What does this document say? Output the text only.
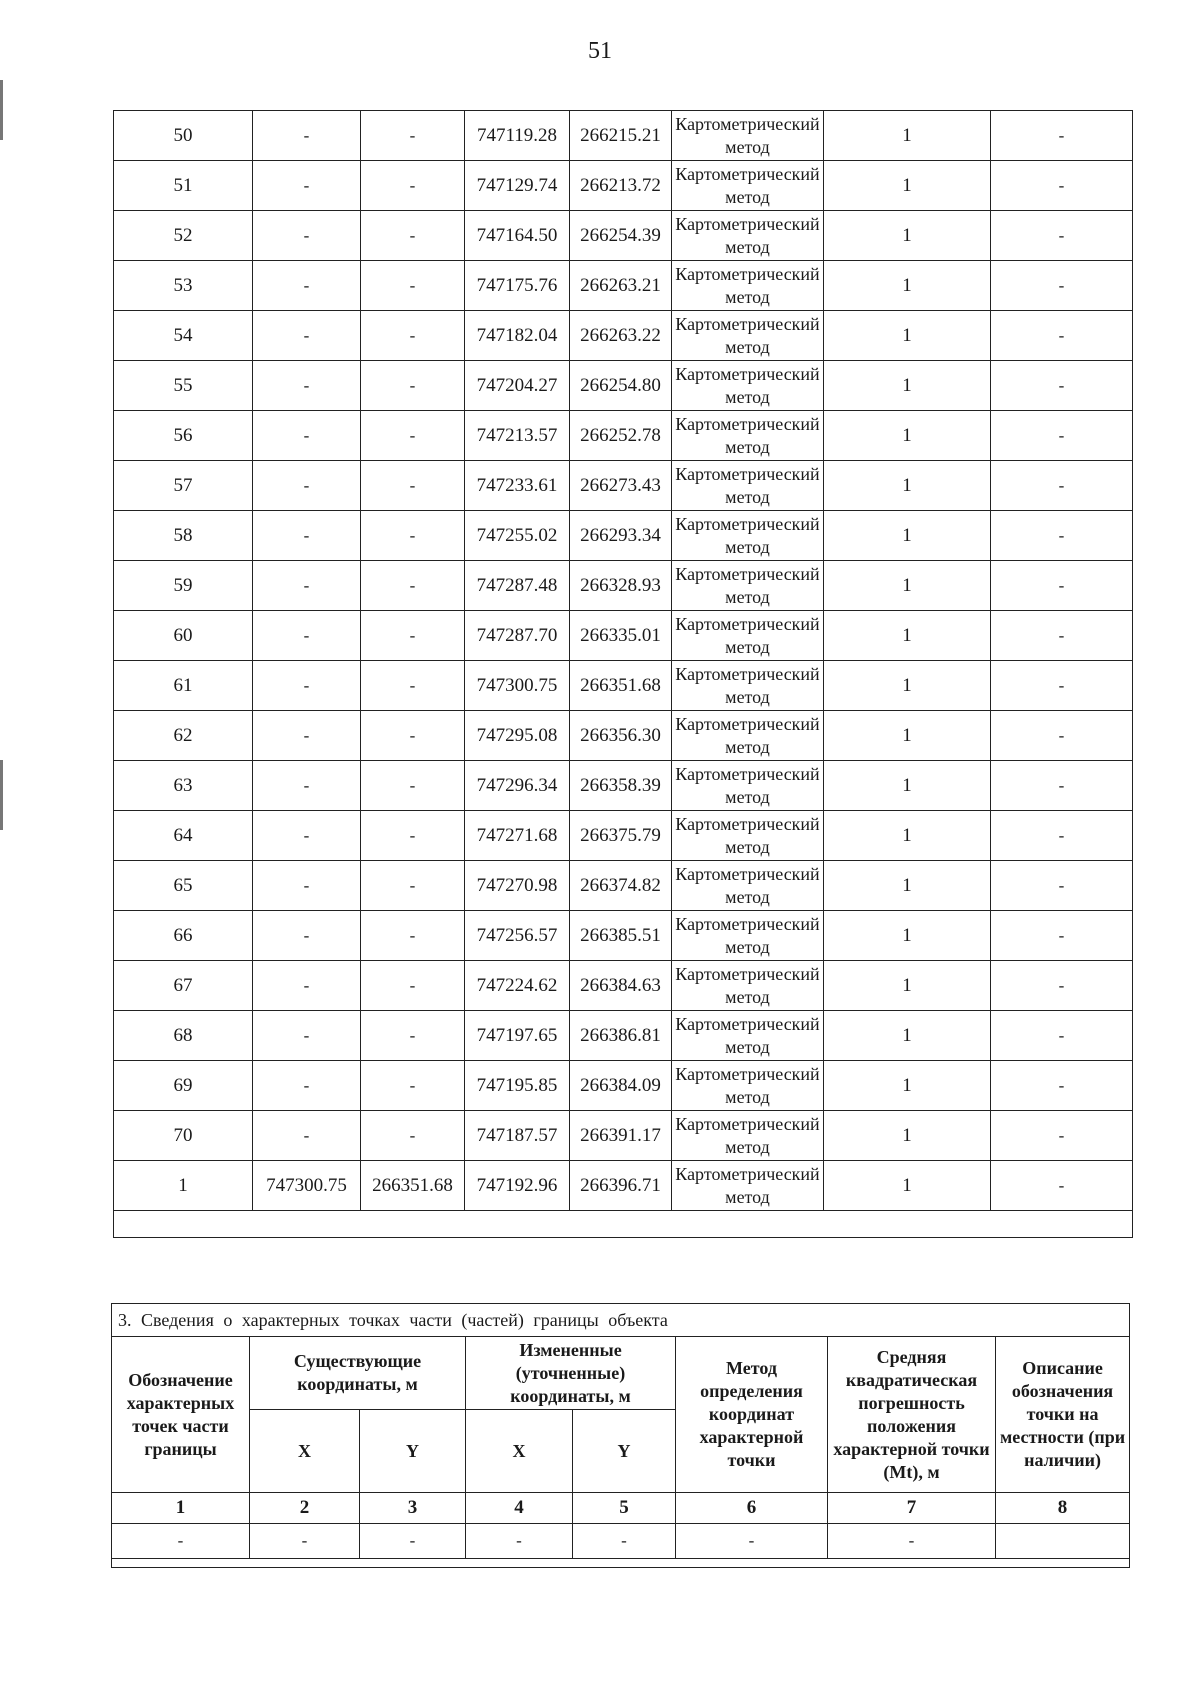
51
50	-	-	747119.28	266215.21	Картометрический метод	1	-
51	-	-	747129.74	266213.72	Картометрический метод	1	-
52	-	-	747164.50	266254.39	Картометрический метод	1	-
53	-	-	747175.76	266263.21	Картометрический метод	1	-
54	-	-	747182.04	266263.22	Картометрический метод	1	-
55	-	-	747204.27	266254.80	Картометрический метод	1	-
56	-	-	747213.57	266252.78	Картометрический метод	1	-
57	-	-	747233.61	266273.43	Картометрический метод	1	-
58	-	-	747255.02	266293.34	Картометрический метод	1	-
59	-	-	747287.48	266328.93	Картометрический метод	1	-
60	-	-	747287.70	266335.01	Картометрический метод	1	-
61	-	-	747300.75	266351.68	Картометрический метод	1	-
62	-	-	747295.08	266356.30	Картометрический метод	1	-
63	-	-	747296.34	266358.39	Картометрический метод	1	-
64	-	-	747271.68	266375.79	Картометрический метод	1	-
65	-	-	747270.98	266374.82	Картометрический метод	1	-
66	-	-	747256.57	266385.51	Картометрический метод	1	-
67	-	-	747224.62	266384.63	Картометрический метод	1	-
68	-	-	747197.65	266386.81	Картометрический метод	1	-
69	-	-	747195.85	266384.09	Картометрический метод	1	-
70	-	-	747187.57	266391.17	Картометрический метод	1	-
1	747300.75	266351.68	747192.96	266396.71	Картометрический метод	1	-

3. Сведения о характерных точках части (частей) границы объекта							
Обозначение характерных точек части границы	Существующие координаты, м		Измененные (уточненные) координаты, м		Метод определения координат характерной точки	Средняя квадратическая погрешность положения характерной точки (Mt), м	Описание обозначения точки на местности (при наличии)
	X	Y	X	Y			
1	2	3	4	5	6	7	8
-	-	-	-	-	-	-	
